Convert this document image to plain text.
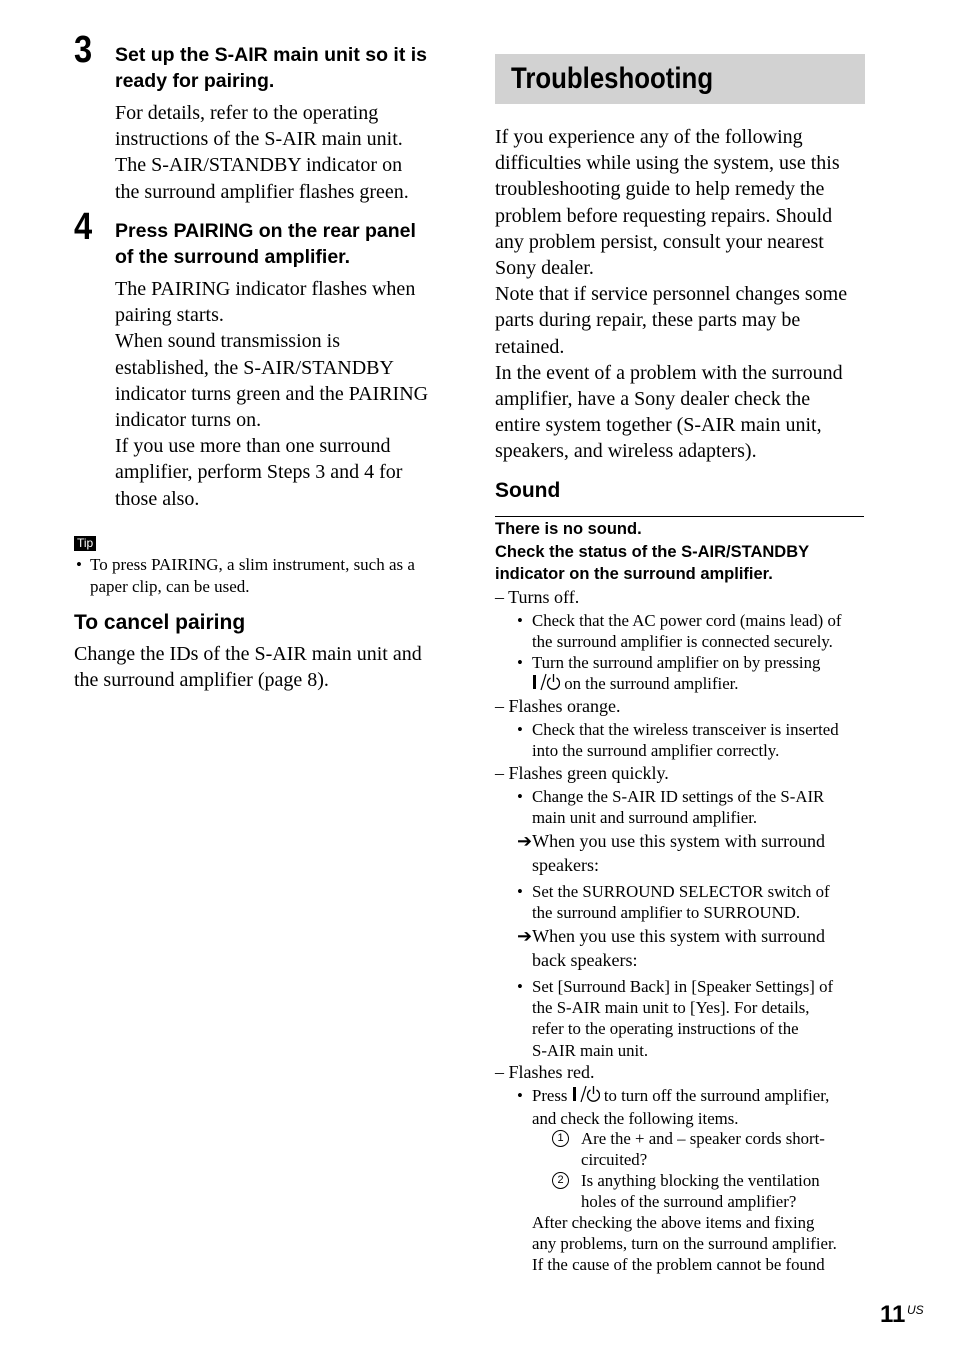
3 Set up the S-AIR main unit so it is
ready for pairing.
For details, refer to the operating
instructions of the S-AIR main unit.
The S-AIR/STANDBY indicator on
the surround amplifier flashes green.
4 Press PAIRING on the rear panel
of the surround amplifier.
The PAIRING indicator flashes when
pairing starts.
When sound transmission is
established, the S-AIR/STANDBY
indicator turns green and the PAIRING
indicator turns on.
If you use more than one surround
amplifier, perform Steps 3 and 4 for
those also.
Tip
• To press PAIRING, a slim instrument, such as a
paper clip, can be used.
To cancel pairing
Change the IDs of the S-AIR main unit and
the surround amplifier (page 8).
Troubleshooting
If you experience any of the following
difficulties while using the system, use this
troubleshooting guide to help remedy the
problem before requesting repairs. Should
any problem persist, consult your nearest
Sony dealer.
Note that if service personnel changes some
parts during repair, these parts may be
retained.
In the event of a problem with the surround
amplifier, have a Sony dealer check the
entire system together (S-AIR main unit,
speakers, and wireless adapters).
Sound
There is no sound.
Check the status of the S-AIR/STANDBY
indicator on the surround amplifier.
– Turns off.
• Check that the AC power cord (mains lead) of
the surround amplifier is connected securely.
• Turn the surround amplifier on by pressing
on the surround amplifier.
– Flashes orange.
• Check that the wireless transceiver is inserted
into the surround amplifier correctly.
– Flashes green quickly.
• Change the S-AIR ID settings of the S-AIR
main unit and surround amplifier.
➔When you use this system with surround
speakers:
• Set the SURROUND SELECTOR switch of
the surround amplifier to SURROUND.
➔When you use this system with surround
back speakers:
• Set [Surround Back] in [Speaker Settings] of
the S-AIR main unit to [Yes]. For details,
refer to the operating instructions of the
S-AIR main unit.
– Flashes red.
• Press  to turn off the surround amplifier,
and check the following items.
1	Are the + and – speaker cords short-
circuited?
2	Is anything blocking the ventilation
holes of the surround amplifier?
After checking the above items and fixing
any problems, turn on the surround amplifier.
If the cause of the problem cannot be found
11 US
